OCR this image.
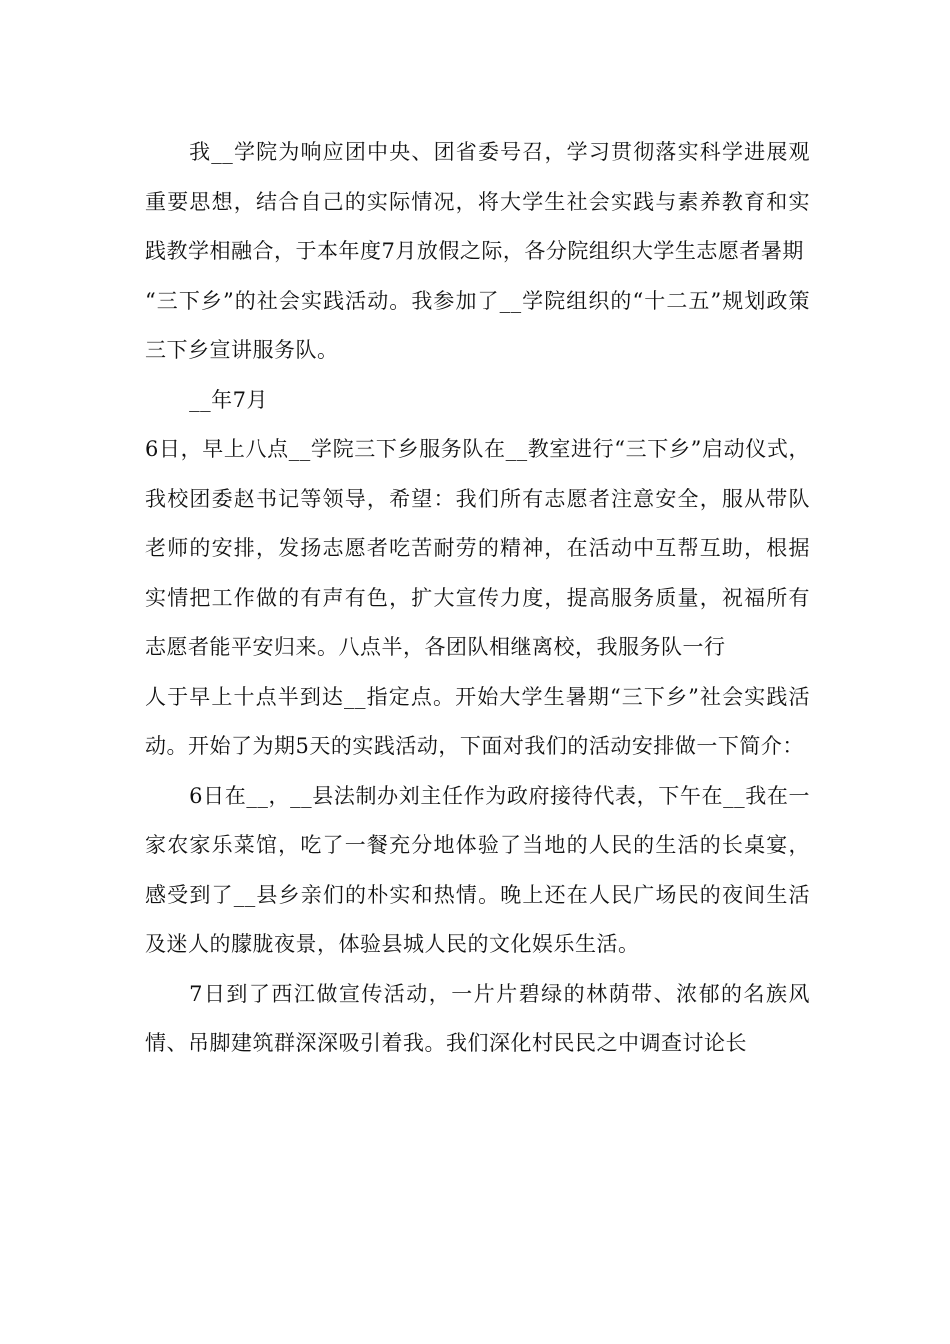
我__学院为响应团中央、团省委号召，学习贯彻落实科学进展观重要思想，结合自己的实际情况，将大学生社会实践与素养教育和实践教学相融合，于本年度7月放假之际，各分院组织大学生志愿者暑期

“三下乡”的社会实践活动。我参加了__学院组织的“十二五”规划政策三下乡宣讲服务队。

__年7月

6日，早上八点__学院三下乡服务队在__教室进行“三下乡”启动仪式，我校团委赵书记等领导，希望：我们所有志愿者注意安全，服从带队老师的安排，发扬志愿者吃苦耐劳的精神，在活动中互帮互助，根据实情把工作做的有声有色，扩大宣传力度，提高服务质量，祝福所有志愿者能平安归来。八点半，各团队相继离校，我服务队一行

人于早上十点半到达__指定点。开始大学生暑期“三下乡”社会实践活动。开始了为期5天的实践活动，下面对我们的活动安排做一下简介：

6日在__，__县法制办刘主任作为政府接待代表，下午在__我在一家农家乐菜馆，吃了一餐充分地体验了当地的人民的生活的长桌宴，感受到了__县乡亲们的朴实和热情。晚上还在人民广场民的夜间生活及迷人的朦胧夜景，体验县城人民的文化娱乐生活。

7日到了西江做宣传活动，一片片碧绿的林荫带、浓郁的名族风情、吊脚建筑群深深吸引着我。我们深化村民民之中调查讨论长
